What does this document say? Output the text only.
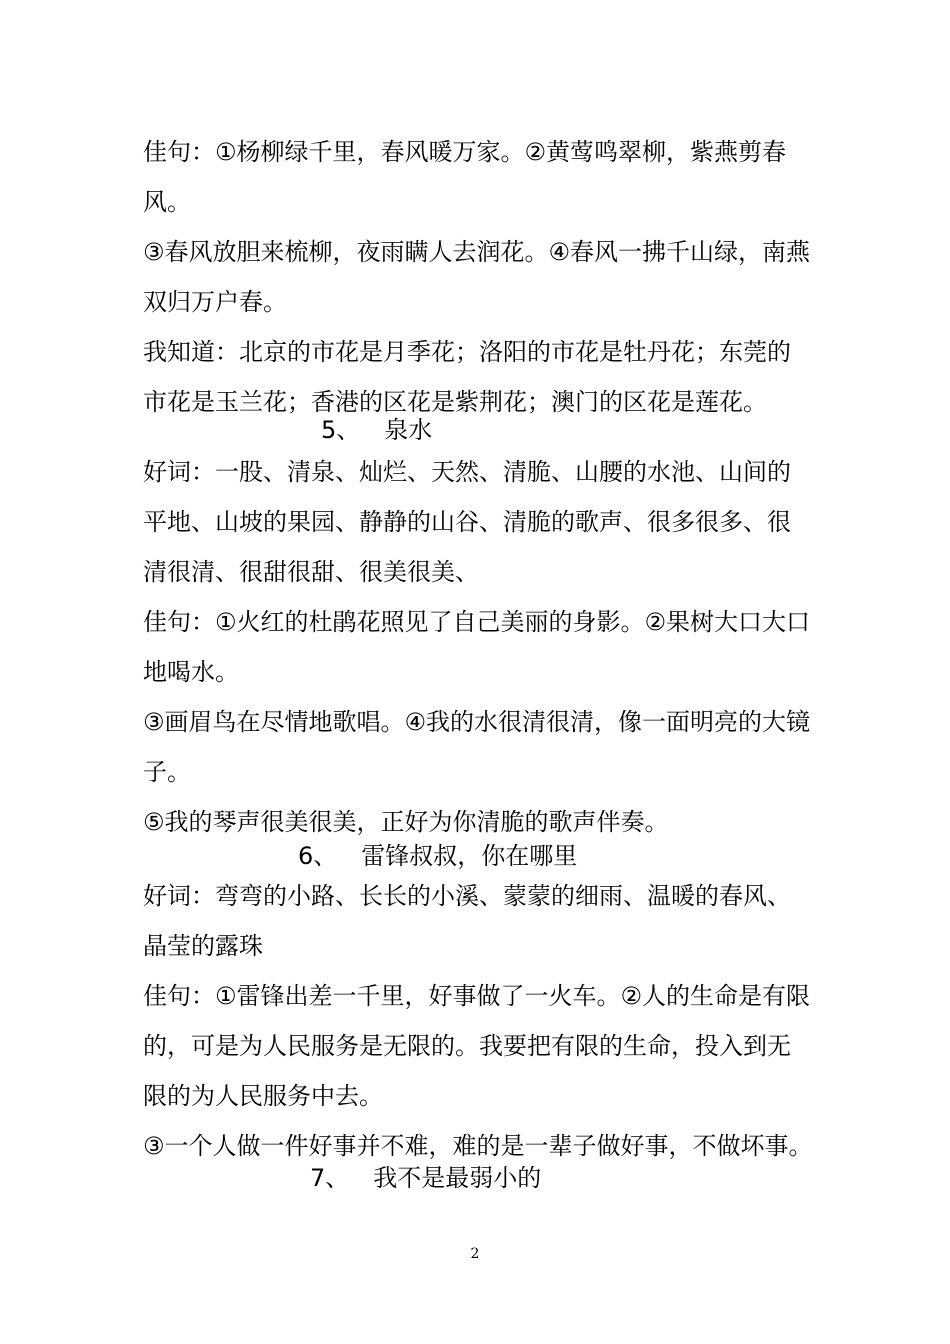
佳句：①杨柳绿千里，春风暖万家。②黄莺鸣翠柳，紫燕剪春风。

③春风放胆来梳柳，夜雨瞒人去润花。④春风一拂千山绿，南燕双归万户春。

我知道：北京的市花是月季花；洛阳的市花是牡丹花；东莞的市花是玉兰花；香港的区花是紫荆花；澳门的区花是莲花。

5、 泉水

好词：一股、清泉、灿烂、天然、清脆、山腰的水池、山间的平地、山坡的果园、静静的山谷、清脆的歌声、很多很多、很清很清、很甜很甜、很美很美、

佳句：①火红的杜鹃花照见了自己美丽的身影。②果树大口大口地喝水。

③画眉鸟在尽情地歌唱。④我的水很清很清，像一面明亮的大镜子。

⑤我的琴声很美很美，正好为你清脆的歌声伴奏。

6、 雷锋叔叔，你在哪里

好词：弯弯的小路、长长的小溪、蒙蒙的细雨、温暖的春风、晶莹的露珠

佳句：①雷锋出差一千里，好事做了一火车。②人的生命是有限的，可是为人民服务是无限的。我要把有限的生命，投入到无限的为人民服务中去。

③一个人做一件好事并不难，难的是一辈子做好事，不做坏事。

7、 我不是最弱小的
2
